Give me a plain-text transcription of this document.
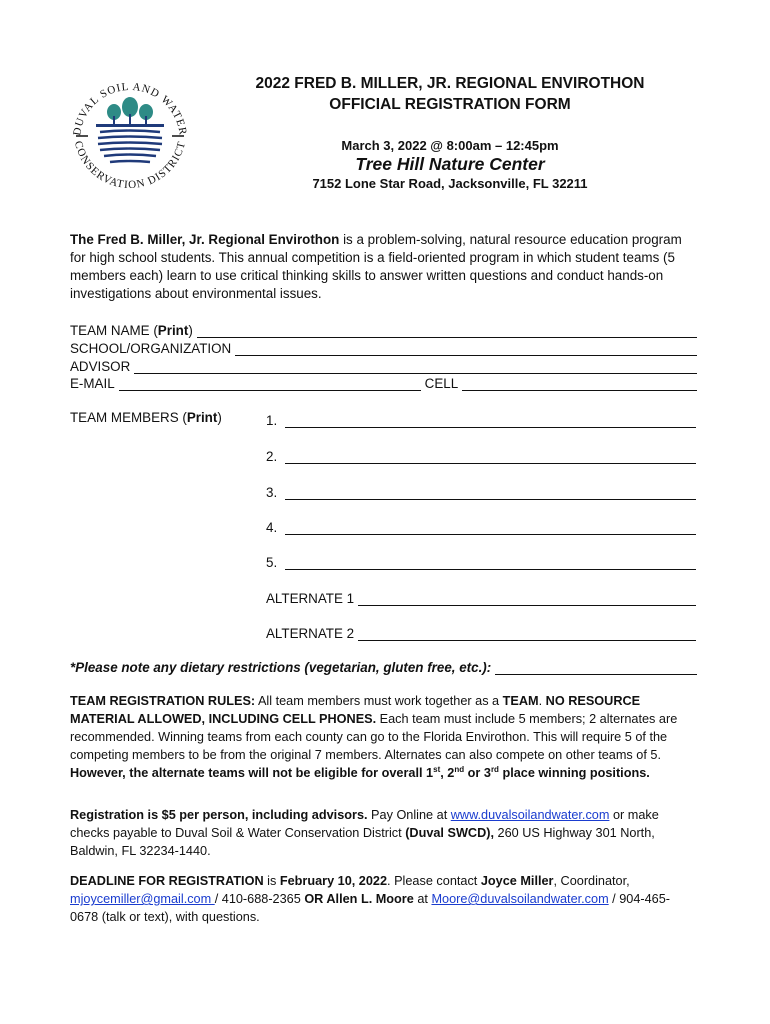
DUVAL SOIL AND WATER
CONSERVATION DISTRICT
2022 FRED B. MILLER, JR. REGIONAL ENVIROTHON
OFFICIAL REGISTRATION FORM
March 3, 2022 @ 8:00am – 12:45pm
Tree Hill Nature Center
7152 Lone Star Road, Jacksonville, FL 32211
The Fred B. Miller, Jr. Regional Envirothon is a problem-solving, natural resource education program for high school students. This annual competition is a field-oriented program in which student teams (5 members each) learn to use critical thinking skills to answer written questions and conduct hands-on investigations about environmental issues.
TEAM NAME (Print)
SCHOOL/ORGANIZATION
ADVISOR
E-MAIL	CELL
TEAM MEMBERS (Print)	1.
2.
3.
4.
5.
ALTERNATE 1
ALTERNATE 2
*Please note any dietary restrictions (vegetarian, gluten free, etc.):
TEAM REGISTRATION RULES: All team members must work together as a TEAM. NO RESOURCE MATERIAL ALLOWED, INCLUDING CELL PHONES. Each team must include 5 members; 2 alternates are recommended. Winning teams from each county can go to the Florida Envirothon. This will require 5 of the competing members to be from the original 7 members. Alternates can also compete on other teams of 5. However, the alternate teams will not be eligible for overall 1st, 2nd or 3rd place winning positions.
Registration is $5 per person, including advisors. Pay Online at www.duvalsoilandwater.com or make checks payable to Duval Soil & Water Conservation District (Duval SWCD), 260 US Highway 301 North, Baldwin, FL 32234-1440.
DEADLINE FOR REGISTRATION is February 10, 2022. Please contact Joyce Miller, Coordinator, mjoycemiller@gmail.com / 410-688-2365 OR Allen L. Moore at Moore@duvalsoilandwater.com / 904-465-0678 (talk or text), with questions.
